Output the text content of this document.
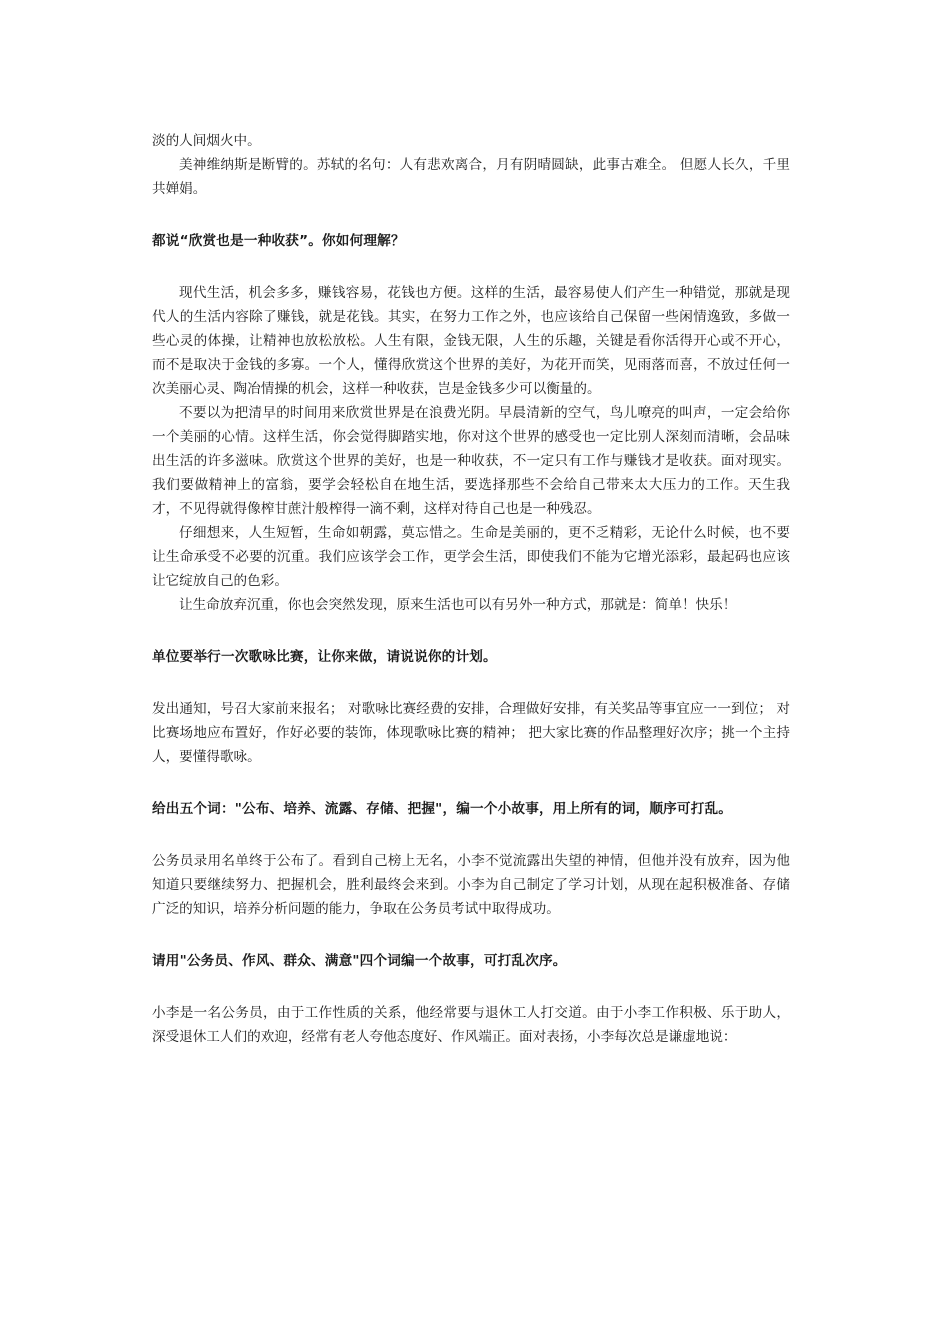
淡的人间烟火中。

美神维纳斯是断臂的。苏轼的名句：人有悲欢离合，月有阴晴圆缺，此事古难全。 但愿人长久，千里共婵娟。

都说“欣赏也是一种收获”。你如何理解？

现代生活，机会多多，赚钱容易，花钱也方便。这样的生活，最容易使人们产生一种错觉，那就是现代人的生活内容除了赚钱，就是花钱。其实，在努力工作之外，也应该给自己保留一些闲情逸致，多做一些心灵的体操，让精神也放松放松。人生有限，金钱无限，人生的乐趣，关键是看你活得开心或不开心，而不是取决于金钱的多寡。一个人，懂得欣赏这个世界的美好，为花开而笑，见雨落而喜，不放过任何一次美丽心灵、陶冶情操的机会，这样一种收获，岂是金钱多少可以衡量的。

不要以为把清早的时间用来欣赏世界是在浪费光阴。早晨清新的空气，鸟儿嘹亮的叫声，一定会给你一个美丽的心情。这样生活，你会觉得脚踏实地，你对这个世界的感受也一定比别人深刻而清晰，会品味出生活的许多滋味。欣赏这个世界的美好，也是一种收获，不一定只有工作与赚钱才是收获。面对现实。我们要做精神上的富翁，要学会轻松自在地生活，要选择那些不会给自己带来太大压力的工作。天生我才，不见得就得像榨甘蔗汁般榨得一滴不剩，这样对待自己也是一种残忍。

仔细想来，人生短暂，生命如朝露，莫忘惜之。生命是美丽的，更不乏精彩，无论什么时候，也不要让生命承受不必要的沉重。我们应该学会工作，更学会生活，即使我们不能为它增光添彩，最起码也应该让它绽放自己的色彩。

让生命放弃沉重，你也会突然发现，原来生活也可以有另外一种方式，那就是：简单！快乐！

单位要举行一次歌咏比赛，让你来做，请说说你的计划。

发出通知，号召大家前来报名； 对歌咏比赛经费的安排，合理做好安排，有关奖品等事宜应一一到位； 对比赛场地应布置好，作好必要的装饰，体现歌咏比赛的精神； 把大家比赛的作品整理好次序；挑一个主持人，要懂得歌咏。

给出五个词："公布、培养、流露、存储、把握"，编一个小故事，用上所有的词，顺序可打乱。

公务员录用名单终于公布了。看到自己榜上无名，小李不觉流露出失望的神情，但他并没有放弃，因为他知道只要继续努力、把握机会，胜利最终会来到。小李为自己制定了学习计划，从现在起积极准备、存储广泛的知识，培养分析问题的能力，争取在公务员考试中取得成功。

请用"公务员、作风、群众、满意"四个词编一个故事，可打乱次序。

小李是一名公务员，由于工作性质的关系，他经常要与退休工人打交道。由于小李工作积极、乐于助人，深受退休工人们的欢迎，经常有老人夸他态度好、作风端正。面对表扬，小李每次总是谦虚地说：
